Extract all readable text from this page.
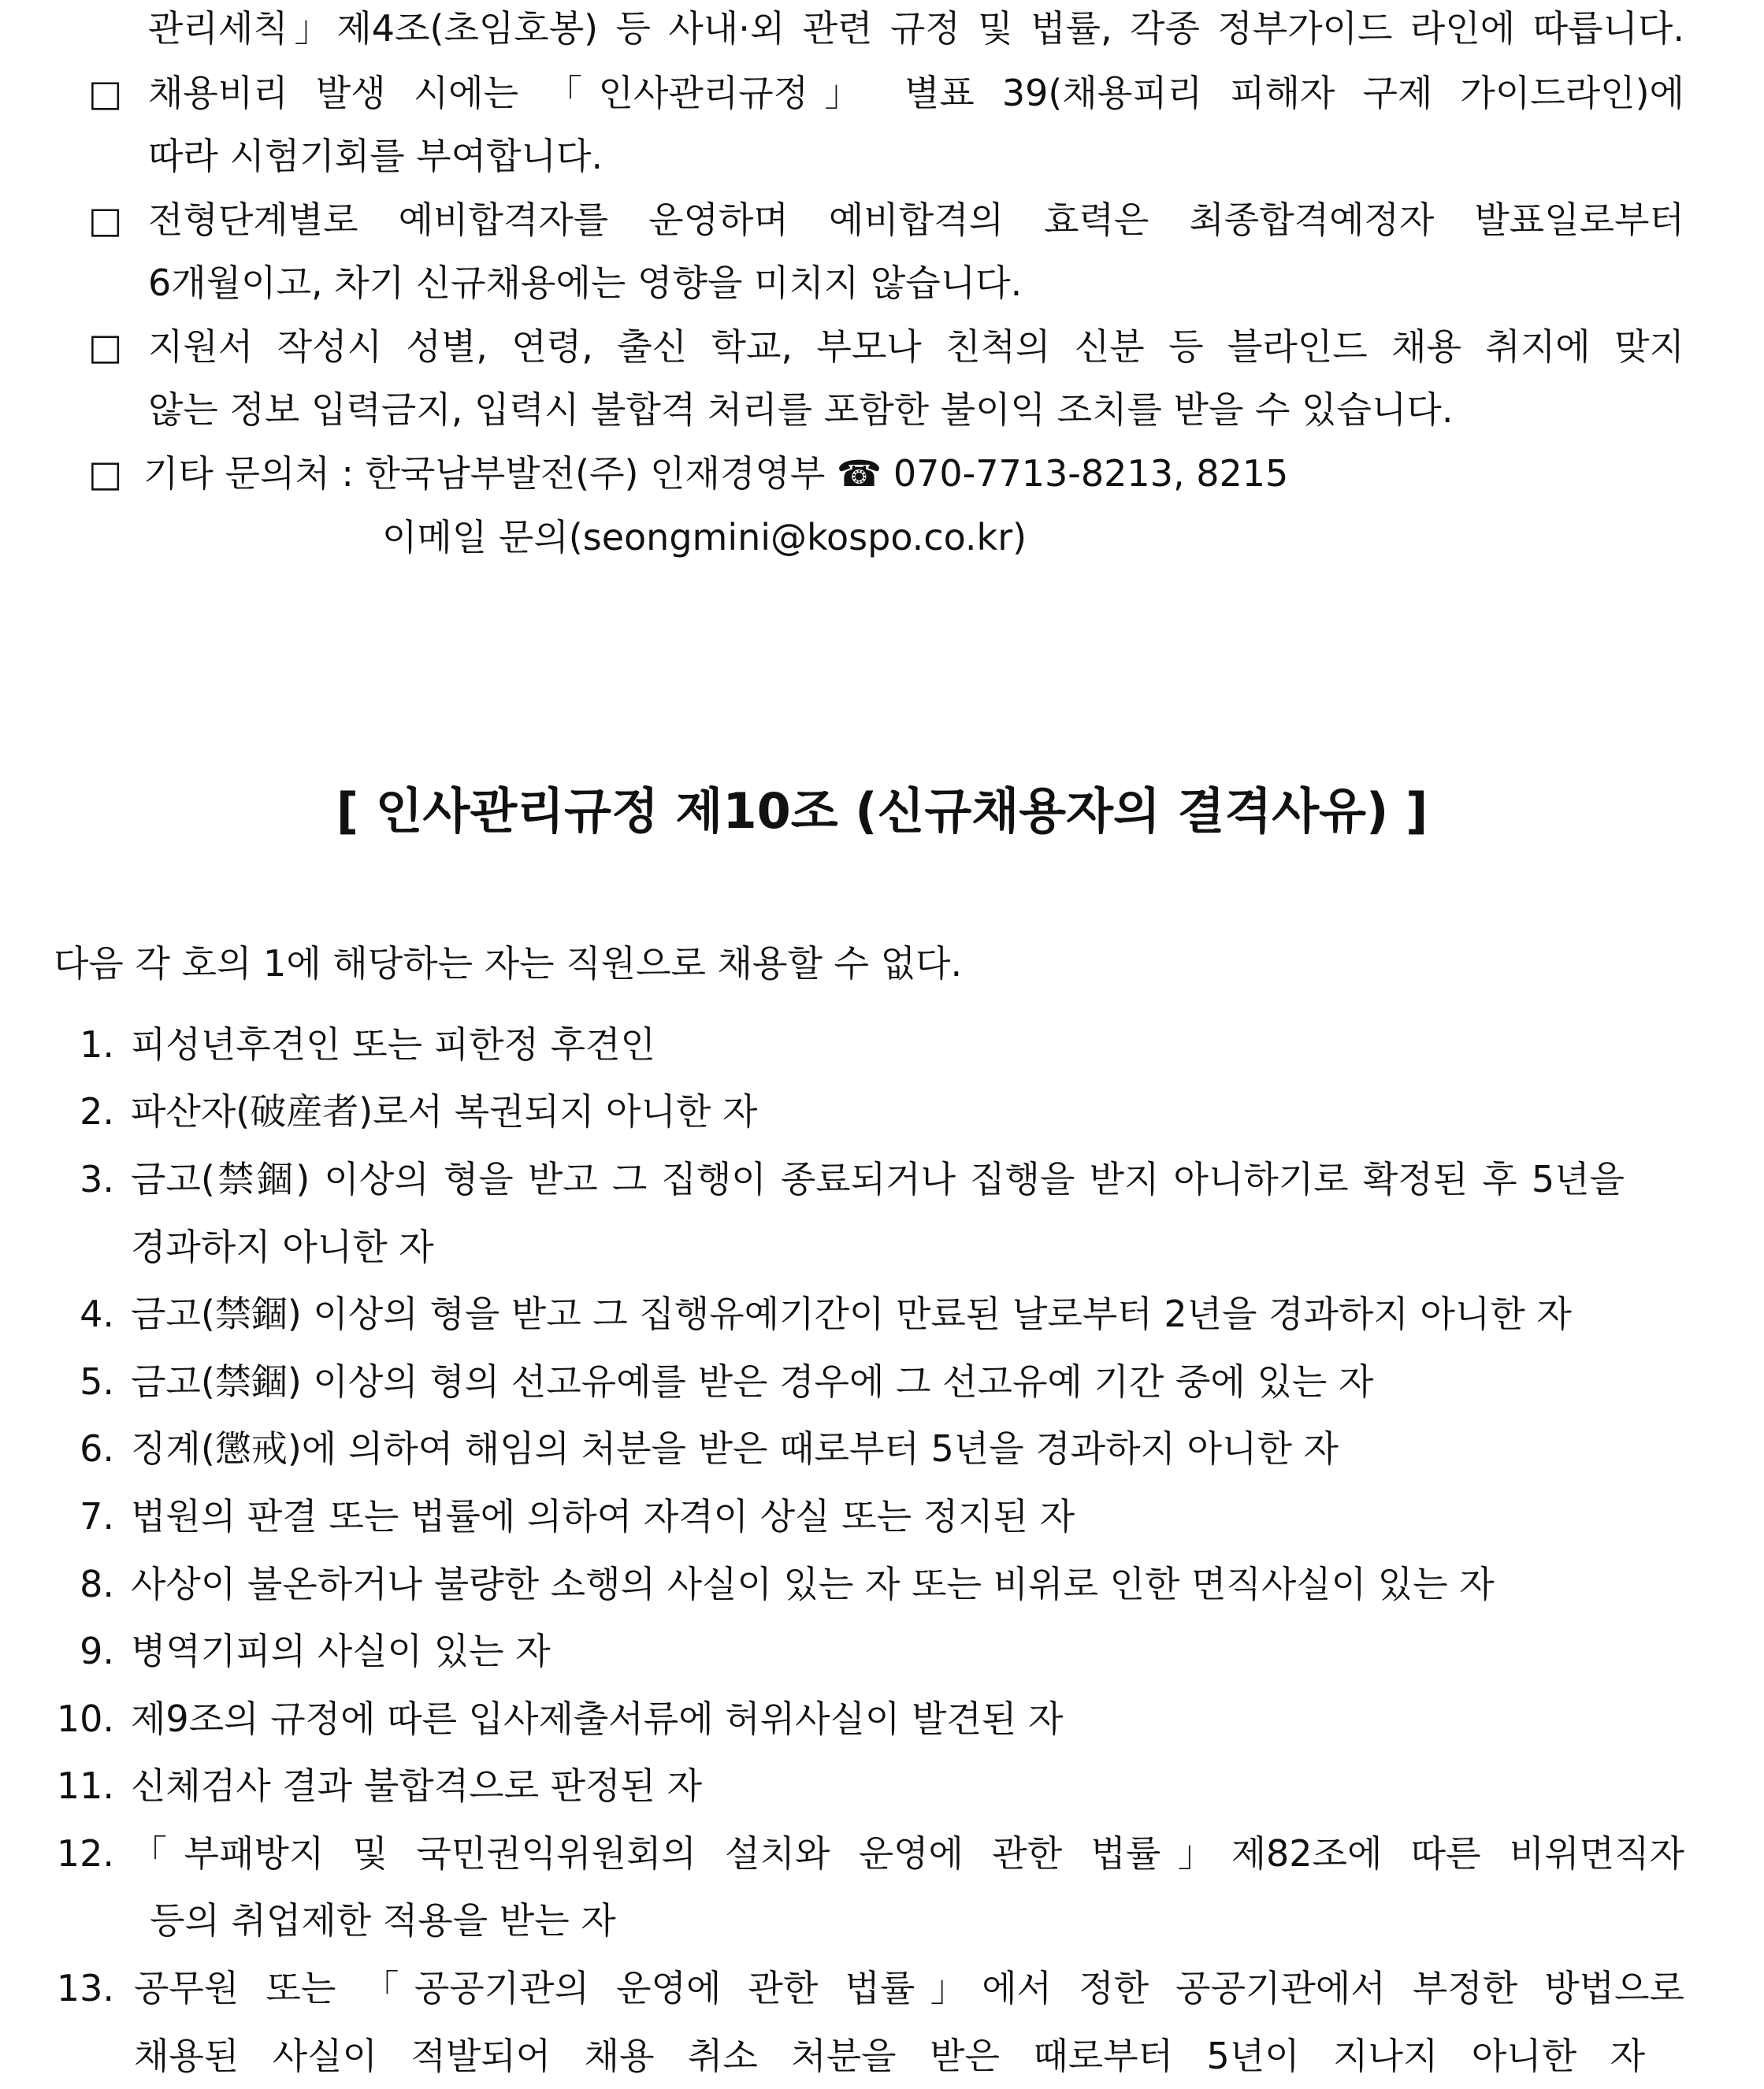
관리세칙」제4조(초임호봉) 등 사내·외 관련 규정 및 법률, 각종 정부가이드 라인에 따릅니다.
□ 채용비리 발생 시에는 「인사관리규정」 별표 39(채용피리 피해자 구제 가이드라인)에
따라 시험기회를 부여합니다.
□ 전형단계별로 예비합격자를 운영하며 예비합격의 효력은 최종합격예정자 발표일로부터
6개월이고, 차기 신규채용에는 영향을 미치지 않습니다.
□ 지원서 작성시 성별, 연령, 출신 학교, 부모나 친척의 신분 등 블라인드 채용 취지에 맞지
않는 정보 입력금지, 입력시 불합격 처리를 포함한 불이익 조치를 받을 수 있습니다.
□ 기타 문의처 : 한국남부발전(주) 인재경영부 ☎ 070-7713-8213, 8215
이메일 문의(seongmini@kospo.co.kr)
[ 인사관리규정 제10조 (신규채용자의 결격사유) ]
다음 각 호의 1에 해당하는 자는 직원으로 채용할 수 없다.
1. 피성년후견인 또는 피한정 후견인
2. 파산자(破産者)로서 복권되지 아니한 자
3. 금고(禁錮) 이상의 형을 받고 그 집행이 종료되거나 집행을 받지 아니하기로 확정된 후 5년을
경과하지 아니한 자
4. 금고(禁錮) 이상의 형을 받고 그 집행유예기간이 만료된 날로부터 2년을 경과하지 아니한 자
5. 금고(禁錮) 이상의 형의 선고유예를 받은 경우에 그 선고유예 기간 중에 있는 자
6. 징계(懲戒)에 의하여 해임의 처분을 받은 때로부터 5년을 경과하지 아니한 자
7. 법원의 판결 또는 법률에 의하여 자격이 상실 또는 정지된 자
8. 사상이 불온하거나 불량한 소행의 사실이 있는 자 또는 비위로 인한 면직사실이 있는 자
9. 병역기피의 사실이 있는 자
10. 제9조의 규정에 따른 입사제출서류에 허위사실이 발견된 자
11. 신체검사 결과 불합격으로 판정된 자
12. 「부패방지 및 국민권익위원회의 설치와 운영에 관한 법률」제82조에 따른 비위면직자
등의 취업제한 적용을 받는 자
13. 공무원 또는 「공공기관의 운영에 관한 법률」에서 정한 공공기관에서 부정한 방법으로
채용된 사실이 적발되어 채용 취소 처분을 받은 때로부터 5년이 지나지 아니한 자
